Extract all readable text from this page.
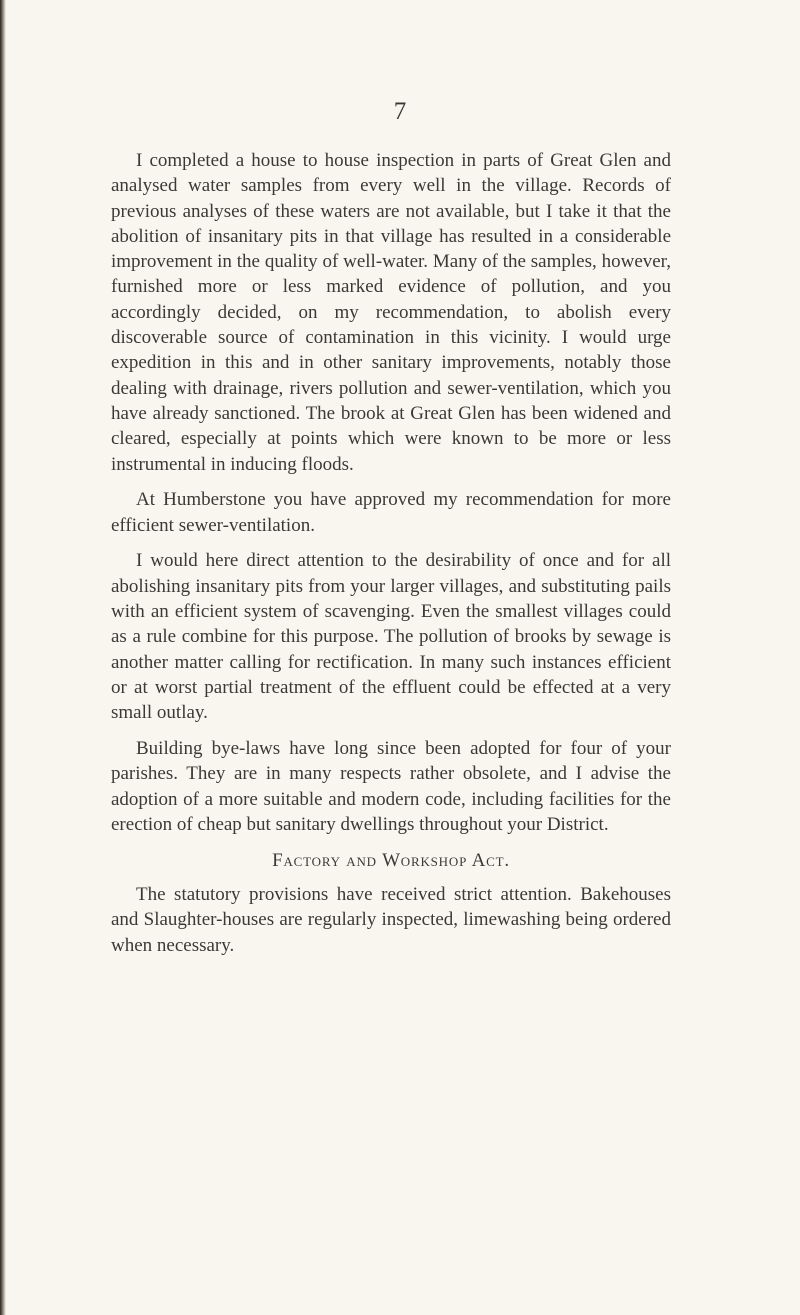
7

I completed a house to house inspection in parts of Great Glen and analysed water samples from every well in the village. Records of previous analyses of these waters are not available, but I take it that the abolition of insanitary pits in that village has resulted in a considerable improvement in the quality of well-water. Many of the samples, however, furnished more or less marked evidence of pollution, and you accordingly decided, on my recommendation, to abolish every discoverable source of contamination in this vicinity. I would urge expedition in this and in other sanitary improvements, notably those dealing with drainage, rivers pollution and sewer-ventilation, which you have already sanctioned. The brook at Great Glen has been widened and cleared, especially at points which were known to be more or less instrumental in inducing floods.

At Humberstone you have approved my recommendation for more efficient sewer-ventilation.

I would here direct attention to the desirability of once and for all abolishing insanitary pits from your larger villages, and substituting pails with an efficient system of scavenging. Even the smallest villages could as a rule combine for this purpose. The pollution of brooks by sewage is another matter calling for rectification. In many such instances efficient or at worst partial treatment of the effluent could be effected at a very small outlay.

Building bye-laws have long since been adopted for four of your parishes. They are in many respects rather obsolete, and I advise the adoption of a more suitable and modern code, including facilities for the erection of cheap but sanitary dwellings throughout your District.

Factory and Workshop Act.

The statutory provisions have received strict attention. Bakehouses and Slaughter-houses are regularly inspected, limewashing being ordered when necessary.
